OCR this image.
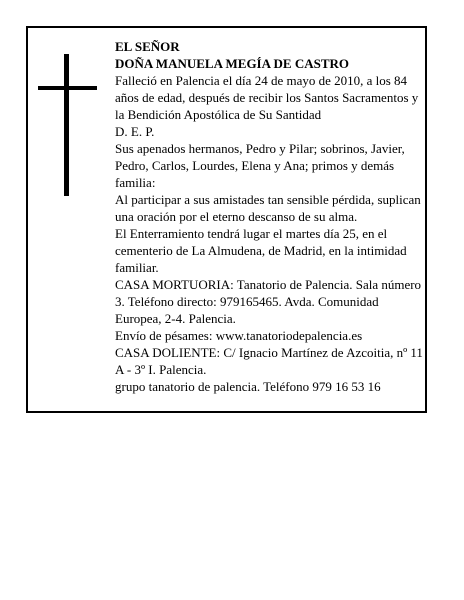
EL SEÑOR

DOÑA MANUELA MEGÍA DE CASTRO

Falleció en Palencia el día 24 de mayo de 2010, a los 84 años de edad, después de recibir los Santos Sacramentos y la Bendición Apostólica de Su Santidad

D. E. P.

Sus apenados hermanos, Pedro y Pilar; sobrinos, Javier, Pedro, Carlos, Lourdes, Elena y Ana; primos y demás familia:

Al participar a sus amistades tan sensible pérdida, suplican una oración por el eterno descanso de su alma.

El Enterramiento tendrá lugar el martes día 25, en el cementerio de La Almudena, de Madrid, en la intimidad familiar.

CASA MORTUORIA: Tanatorio de Palencia. Sala número 3. Teléfono directo: 979165465. Avda. Comunidad Europea, 2-4. Palencia.

Envío de pésames: www.tanatoriodepalencia.es

CASA DOLIENTE: C/ Ignacio Martínez de Azcoitia, nº 11 A - 3º I. Palencia.

grupo tanatorio de palencia. Teléfono 979 16 53 16
